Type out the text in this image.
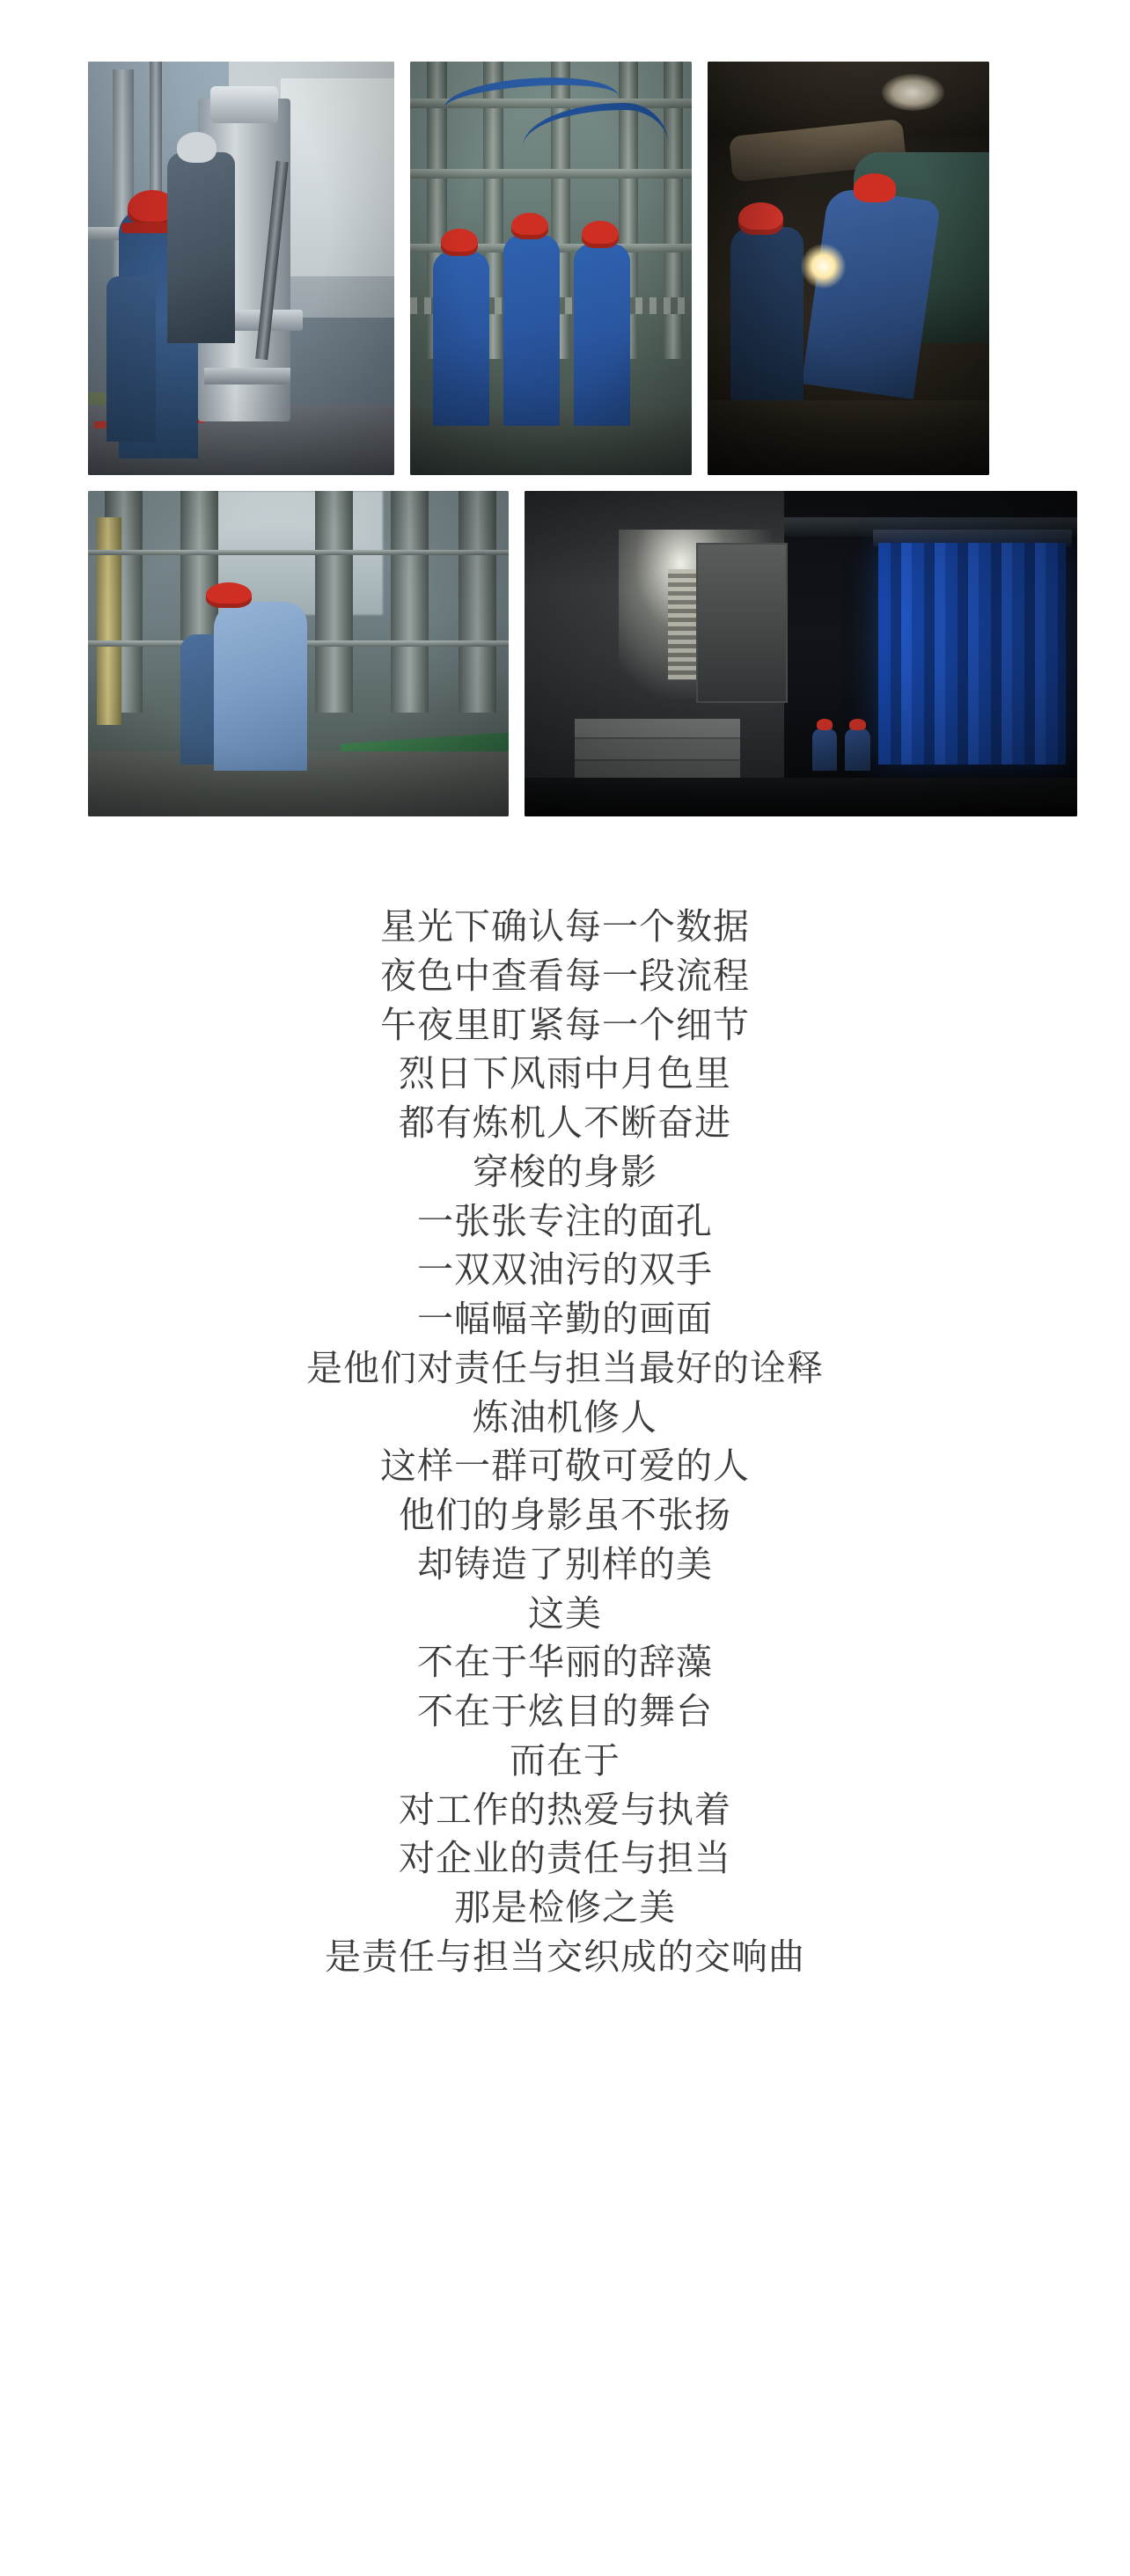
星光下确认每一个数据
夜色中查看每一段流程
午夜里盯紧每一个细节
烈日下风雨中月色里
都有炼机人不断奋进
穿梭的身影
一张张专注的面孔
一双双油污的双手
一幅幅辛勤的画面
是他们对责任与担当最好的诠释
炼油机修人
这样一群可敬可爱的人
他们的身影虽不张扬
却铸造了别样的美
这美
不在于华丽的辞藻
不在于炫目的舞台
而在于
对工作的热爱与执着
对企业的责任与担当
那是检修之美
是责任与担当交织成的交响曲
